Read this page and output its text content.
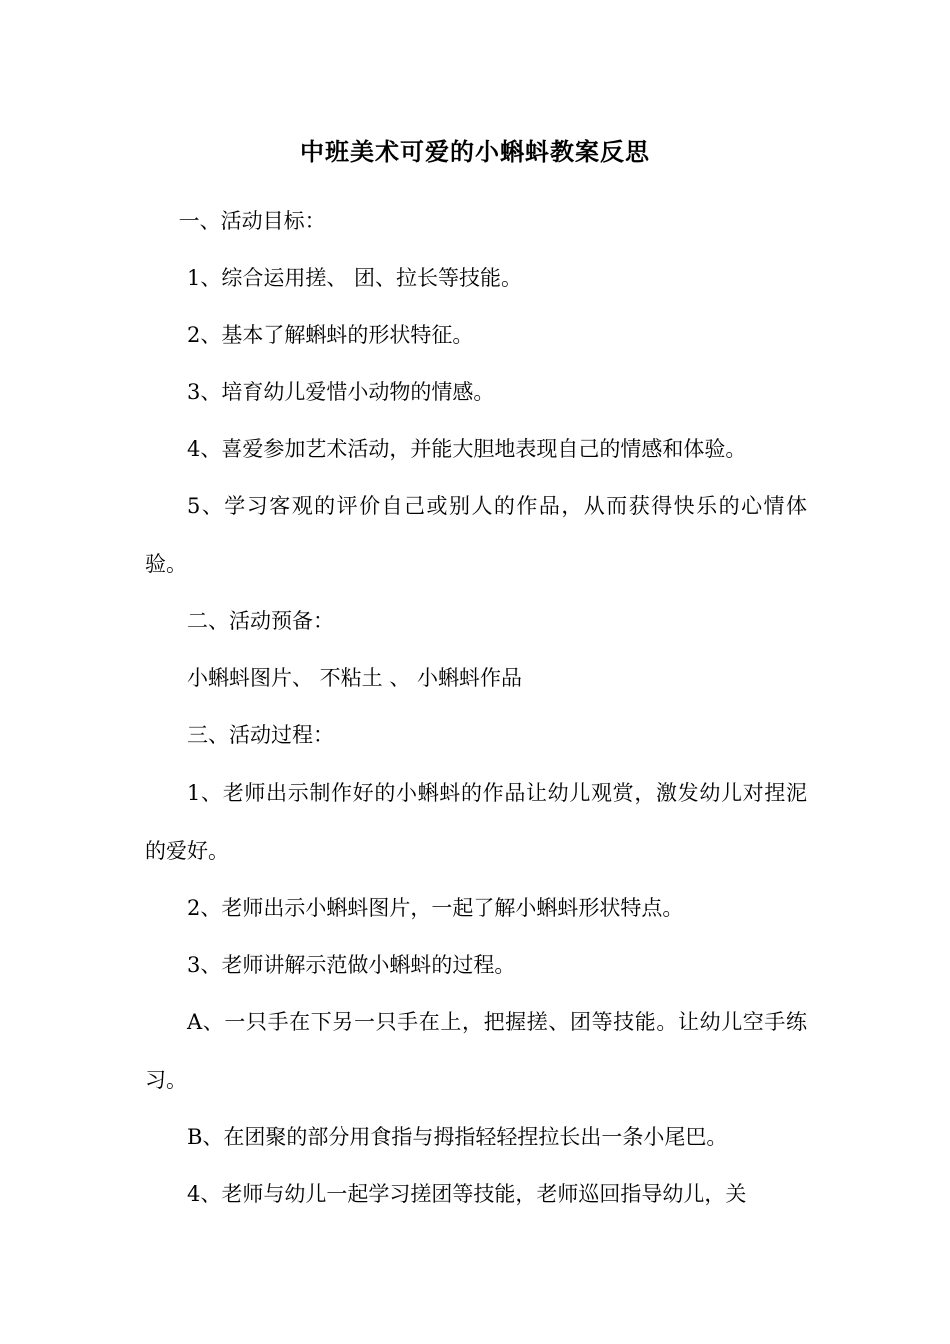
中班美术可爱的小蝌蚪教案反思

一、活动目标：

1、综合运用搓、 团、拉长等技能。

2、基本了解蝌蚪的形状特征。

3、培育幼儿爱惜小动物的情感。

4、喜爱参加艺术活动，并能大胆地表现自己的情感和体验。

5、学习客观的评价自己或别人的作品，从而获得快乐的心情体验。

二、活动预备：

小蝌蚪图片、 不粘土 、 小蝌蚪作品

三、活动过程：

1、老师出示制作好的小蝌蚪的作品让幼儿观赏，激发幼儿对捏泥的爱好。

2、老师出示小蝌蚪图片，一起了解小蝌蚪形状特点。

3、老师讲解示范做小蝌蚪的过程。

A、一只手在下另一只手在上，把握搓、团等技能。让幼儿空手练习。

B、在团聚的部分用食指与拇指轻轻捏拉长出一条小尾巴。

4、老师与幼儿一起学习搓团等技能，老师巡回指导幼儿，关
